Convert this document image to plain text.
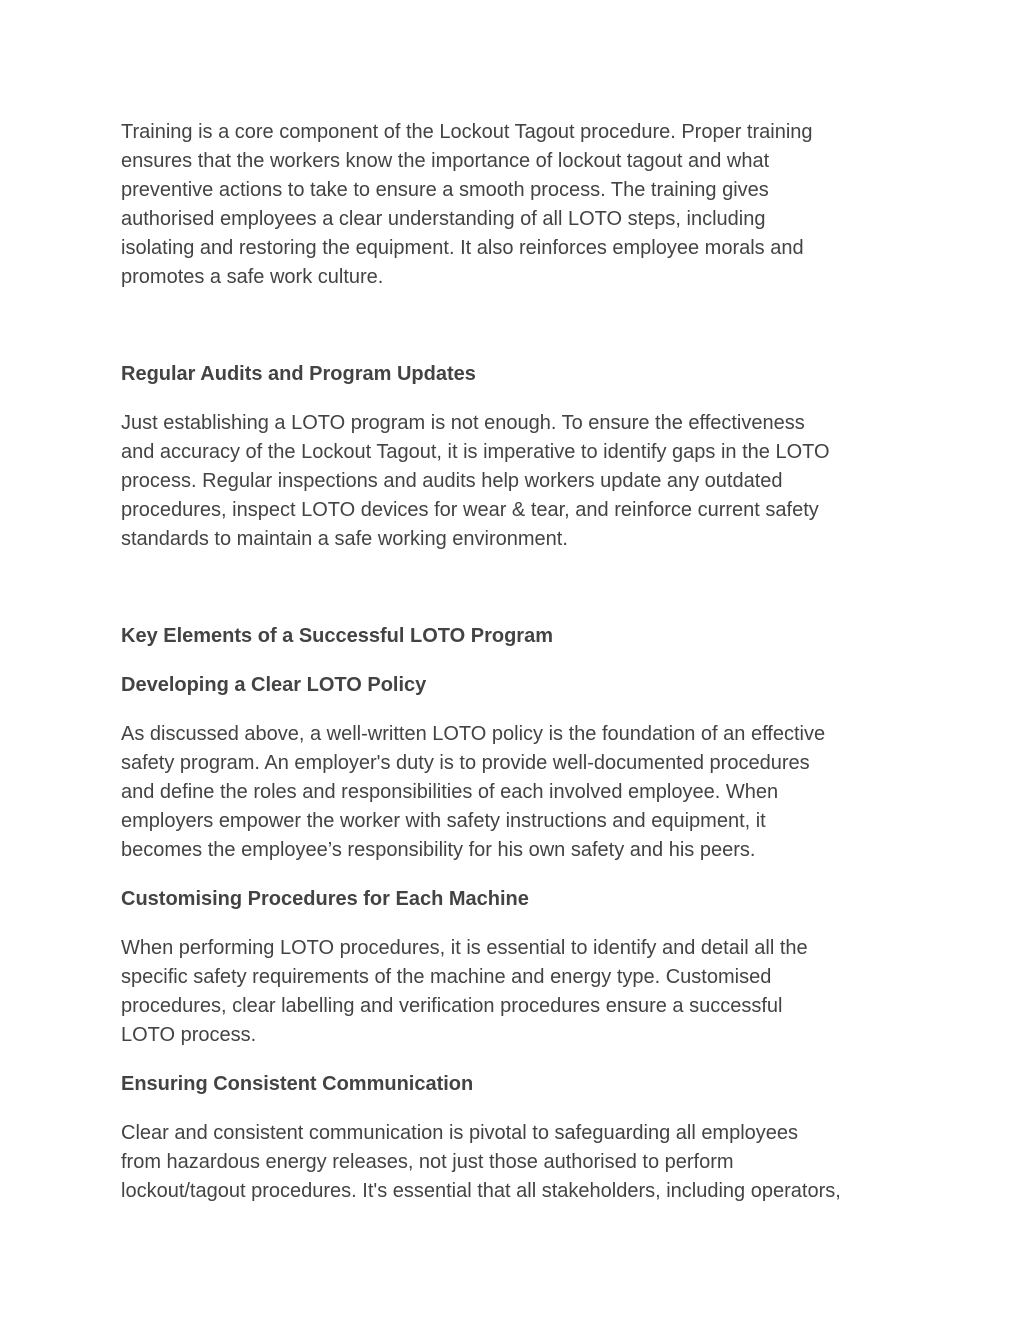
Training is a core component of the Lockout Tagout procedure. Proper training
ensures that the workers know the importance of lockout tagout and what
preventive actions to take to ensure a smooth process. The training gives
authorised employees a clear understanding of all LOTO steps, including
isolating and restoring the equipment. It also reinforces employee morals and
promotes a safe work culture.

Regular Audits and Program Updates

Just establishing a LOTO program is not enough. To ensure the effectiveness
and accuracy of the Lockout Tagout, it is imperative to identify gaps in the LOTO
process. Regular inspections and audits help workers update any outdated
procedures, inspect LOTO devices for wear & tear, and reinforce current safety
standards to maintain a safe working environment.

Key Elements of a Successful LOTO Program
Developing a Clear LOTO Policy

As discussed above, a well-written LOTO policy is the foundation of an effective
safety program. An employer's duty is to provide well-documented procedures
and define the roles and responsibilities of each involved employee. When
employers empower the worker with safety instructions and equipment, it
becomes the employee’s responsibility for his own safety and his peers.

Customising Procedures for Each Machine

When performing LOTO procedures, it is essential to identify and detail all the
specific safety requirements of the machine and energy type. Customised
procedures, clear labelling and verification procedures ensure a successful
LOTO process.

Ensuring Consistent Communication

Clear and consistent communication is pivotal to safeguarding all employees
from hazardous energy releases, not just those authorised to perform
lockout/tagout procedures. It's essential that all stakeholders, including operators,
